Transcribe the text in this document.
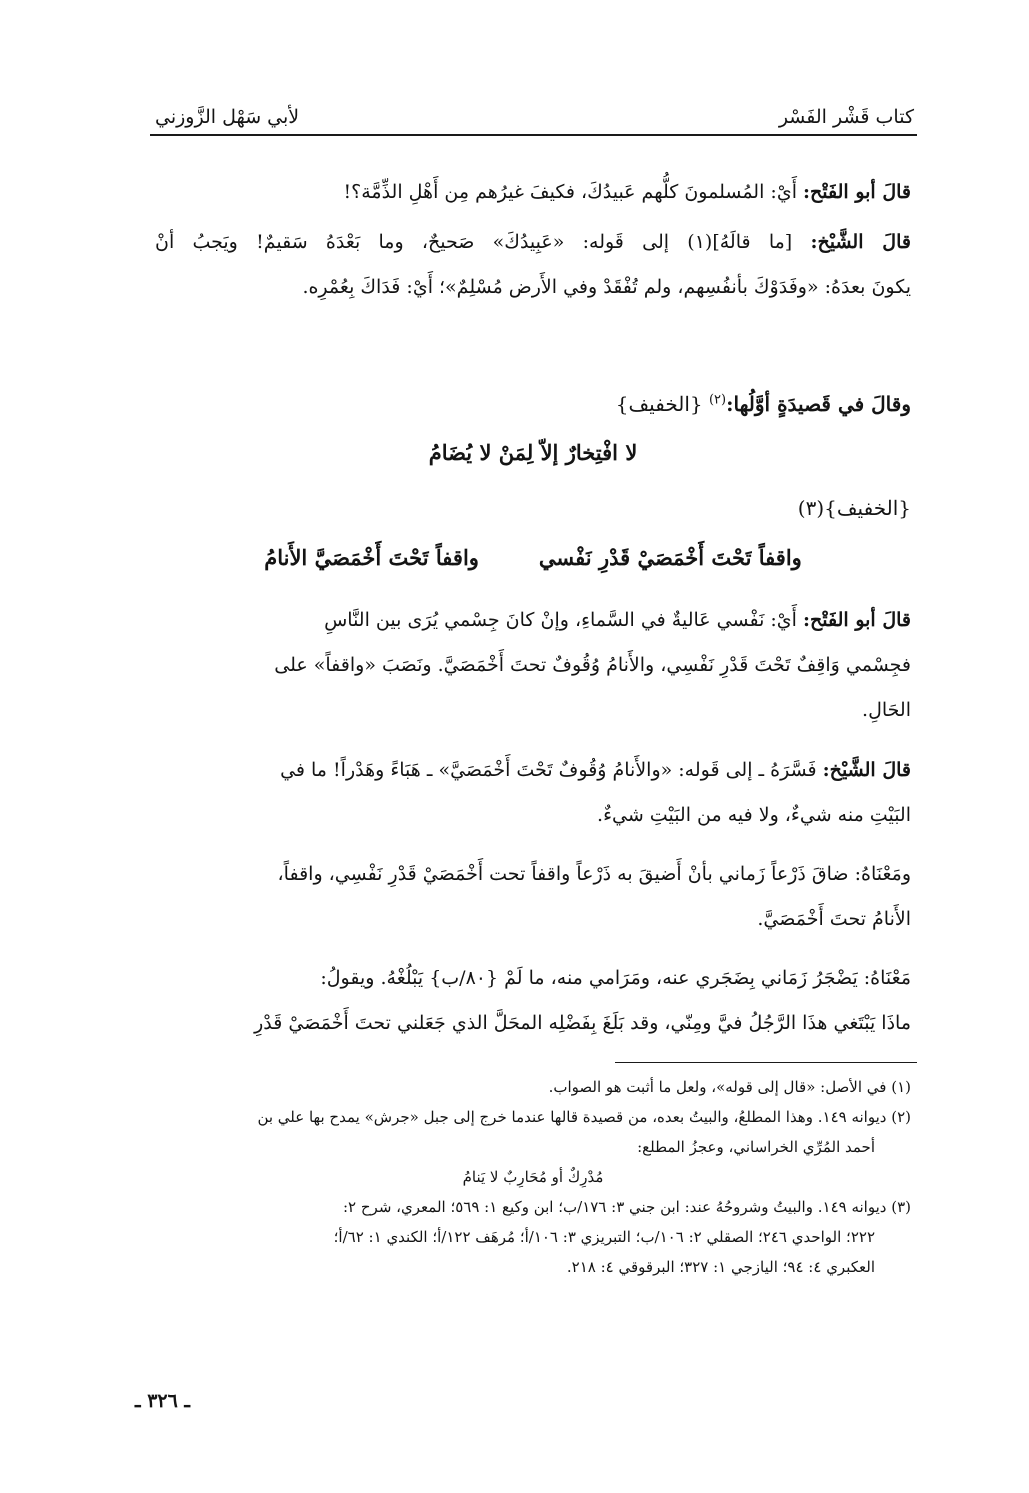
كتاب قَشْر الفَسْر
لأبي سَهْل الزَّوزني
قالَ أبو الفَتْح: أَيْ: المُسلمونَ كلُّهم عَبيدُكَ، فكيفَ غيرُهم مِن أَهْلِ الذِّمَّة؟!
قالَ الشَّيْخ: [ما قالَهُ](١) إلى قَوله: «عَبِيدُكَ» صَحيحٌ، وما بَعْدَهُ سَقيمٌ! ويَجبُ أنْ
يكونَ بعدَهُ: «وفَدَوْكَ بأنفُسِهم، ولم تُفْقَدْ وفي الأَرض مُسْلِمٌ»؛ أَيْ: فَدَاكَ بِعُمْرِه.
وقالَ في قَصيدَةٍ أوَّلُها:$^{(٢)}$ {الخفيف}
لا افْتِخارٌ إلاّ لِمَنْ لا يُضَامُ
{الخفيف}(٣)
واقفاً تَحْتَ أَخْمَصَيْ قَدْرِ نَفْسي
واقفاً تَحْتَ أَخْمَصَيَّ الأَنامُ
قالَ أبو الفَتْح: أَيْ: نَفْسي عَاليةٌ في السَّماءِ، وإنْ كانَ جِسْمي يُرَى بين النَّاسِ
فجِسْمي وَاقِفٌ تَحْتَ قَدْرِ نَفْسِي، والأَنامُ وُقُوفٌ تحتَ أَخْمَصَيَّ. ونَصَبَ «واقفاً» على
الحَالِ.
قالَ الشَّيْخ: فَسَّرَهُ ـ إلى قَوله: «والأَنامُ وُقُوفٌ تَحْتَ أَخْمَصَيَّ» ـ هَبَاءً وهَدْراً! ما في
البَيْتِ منه شيءٌ، ولا فيه من البَيْتِ شيءٌ.
ومَعْنَاهُ: ضاقَ ذَرْعاً زَماني بأنْ أَضيقَ به ذَرْعاً واقفاً تحت أَخْمَصَيْ قَدْرِ نَفْسِي، واقفاً،
الأَنامُ تحتَ أَخْمَصَيَّ.
مَعْنَاهُ: يَضْجَرُ زَمَاني بِضَجَري عنه، ومَرَامي منه، ما لَمْ {٨٠/ب} يَبْلُغْهُ. ويقولُ:
ماذَا يَبْتَغي هذَا الرَّجُلُ فيَّ ومِنّي، وقد بَلَغَ بِفَضْلِه المحَلَّ الذي جَعَلني تحتَ أَخْمَصَيْ قَدْرِ
(١) في الأصل: «قال إلى قوله»، ولعل ما أثبت هو الصواب.
(٢) ديوانه ١٤٩. وهذا المطلعُ، والبيتُ بعده، من قصيدة قالها عندما خرج إلى جبل «جرش» يمدح بها علي بن
أحمد المُرِّي الخراساني، وعجزُ المطلع:
مُدْرِكٌ أو مُحَارِبٌ لا يَنامُ
(٣) ديوانه ١٤٩. والبيتُ وشروحُهُ عند: ابن جني ٣: ١٧٦/ب؛ ابن وكيع ١: ٥٦٩؛ المعري، شرح ٢:
٢٢٢؛ الواحدي ٢٤٦؛ الصقلي ٢: ١٠٦/ب؛ التبريزي ٣: ١٠٦/أ؛ مُرهَف ١٢٢/أ؛ الكندي ١: ٦٢/أ؛
العكبري ٤: ٩٤؛ اليازجي ١: ٣٢٧؛ البرقوقي ٤: ٢١٨.
ـ ٣٢٦ ـ
